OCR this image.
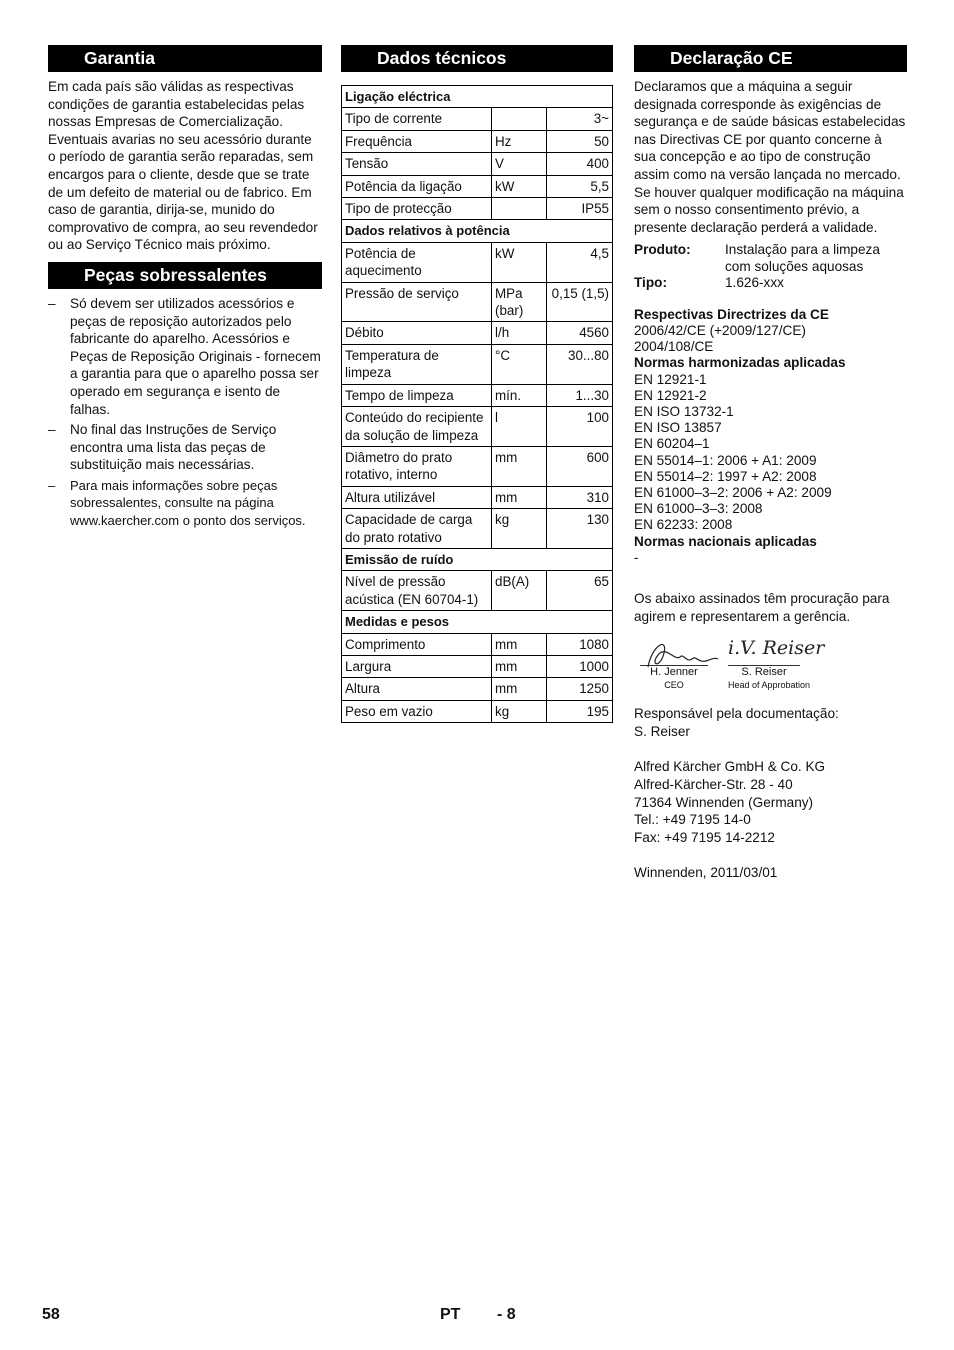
Garantia

Em cada país são válidas as respectivas condições de garantia estabelecidas pelas nossas Empresas de Comercialização. Eventuais avarias no seu acessório durante o período de garantia serão reparadas, sem encargos para o cliente, desde que se trate de um defeito de material ou de fabrico. Em caso de garantia, dirija-se, munido do comprovativo de compra, ao seu revendedor ou ao Serviço Técnico mais próximo.

Peças sobressalentes
– Só devem ser utilizados acessórios e peças de reposição autorizados pelo fabricante do aparelho. Acessórios e Peças de Reposição Originais - fornecem a garantia para que o aparelho possa ser operado em segurança e isento de falhas.
– No final das Instruções de Serviço encontra uma lista das peças de substituição mais necessárias.
– Para mais informações sobre peças sobressalentes, consulte na página www.kaercher.com o ponto dos serviços.
Dados técnicos
Ligação eléctrica		
Tipo de corrente		3~
Frequência	Hz	50
Tensão	V	400
Potência da ligação	kW	5,5
Tipo de protecção		IP55
Dados relativos à potência		
Potência de aquecimento	kW	4,5
Pressão de serviço	MPa (bar)	0,15 (1,5)
Débito	l/h	4560
Temperatura de limpeza	°C	30...80
Tempo de limpeza	mín.	1...30
Conteúdo do recipiente da solução de limpeza	l	100
Diâmetro do prato rotativo, interno	mm	600
Altura utilizável	mm	310
Capacidade de carga do prato rotativo	kg	130
Emissão de ruído		
Nível de pressão acústica (EN 60704-1)	dB(A)	65
Medidas e pesos		
Comprimento	mm	1080
Largura	mm	1000
Altura	mm	1250
Peso em vazio	kg	195
Declaração CE

Declaramos que a máquina a seguir designada corresponde às exigências de segurança e de saúde básicas estabelecidas nas Directivas CE por quanto concerne à sua concepção e ao tipo de construção assim como na versão lançada no mercado. Se houver qualquer modificação na máquina sem o nosso consentimento prévio, a presente declaração perderá a validade.

Produto:	Instalação para a limpeza com soluções aquosas
Tipo:	1.626-xxx
Respectivas Directrizes da CE
2006/42/CE (+2009/127/CE)
2004/108/CE
Normas harmonizadas aplicadas
EN 12921-1
EN 12921-2
EN ISO 13732-1
EN ISO 13857
EN 60204–1
EN 55014–1: 2006 + A1: 2009
EN 55014–2: 1997 + A2: 2008
EN 61000–3–2: 2006 + A2: 2009
EN 61000–3–3: 2008
EN 62233: 2008
Normas nacionais aplicadas
-

Os abaixo assinados têm procuração para agirem e representarem a gerência.

i.V. Reiser
H. Jenner
CEO
S. Reiser
Head of Approbation
Responsável pela documentação:
S. Reiser
Alfred Kärcher GmbH & Co. KG
Alfred-Kärcher-Str. 28 - 40
71364 Winnenden (Germany)
Tel.: +49 7195 14-0
Fax: +49 7195 14-2212
Winnenden, 2011/03/01
58	PT - 8
